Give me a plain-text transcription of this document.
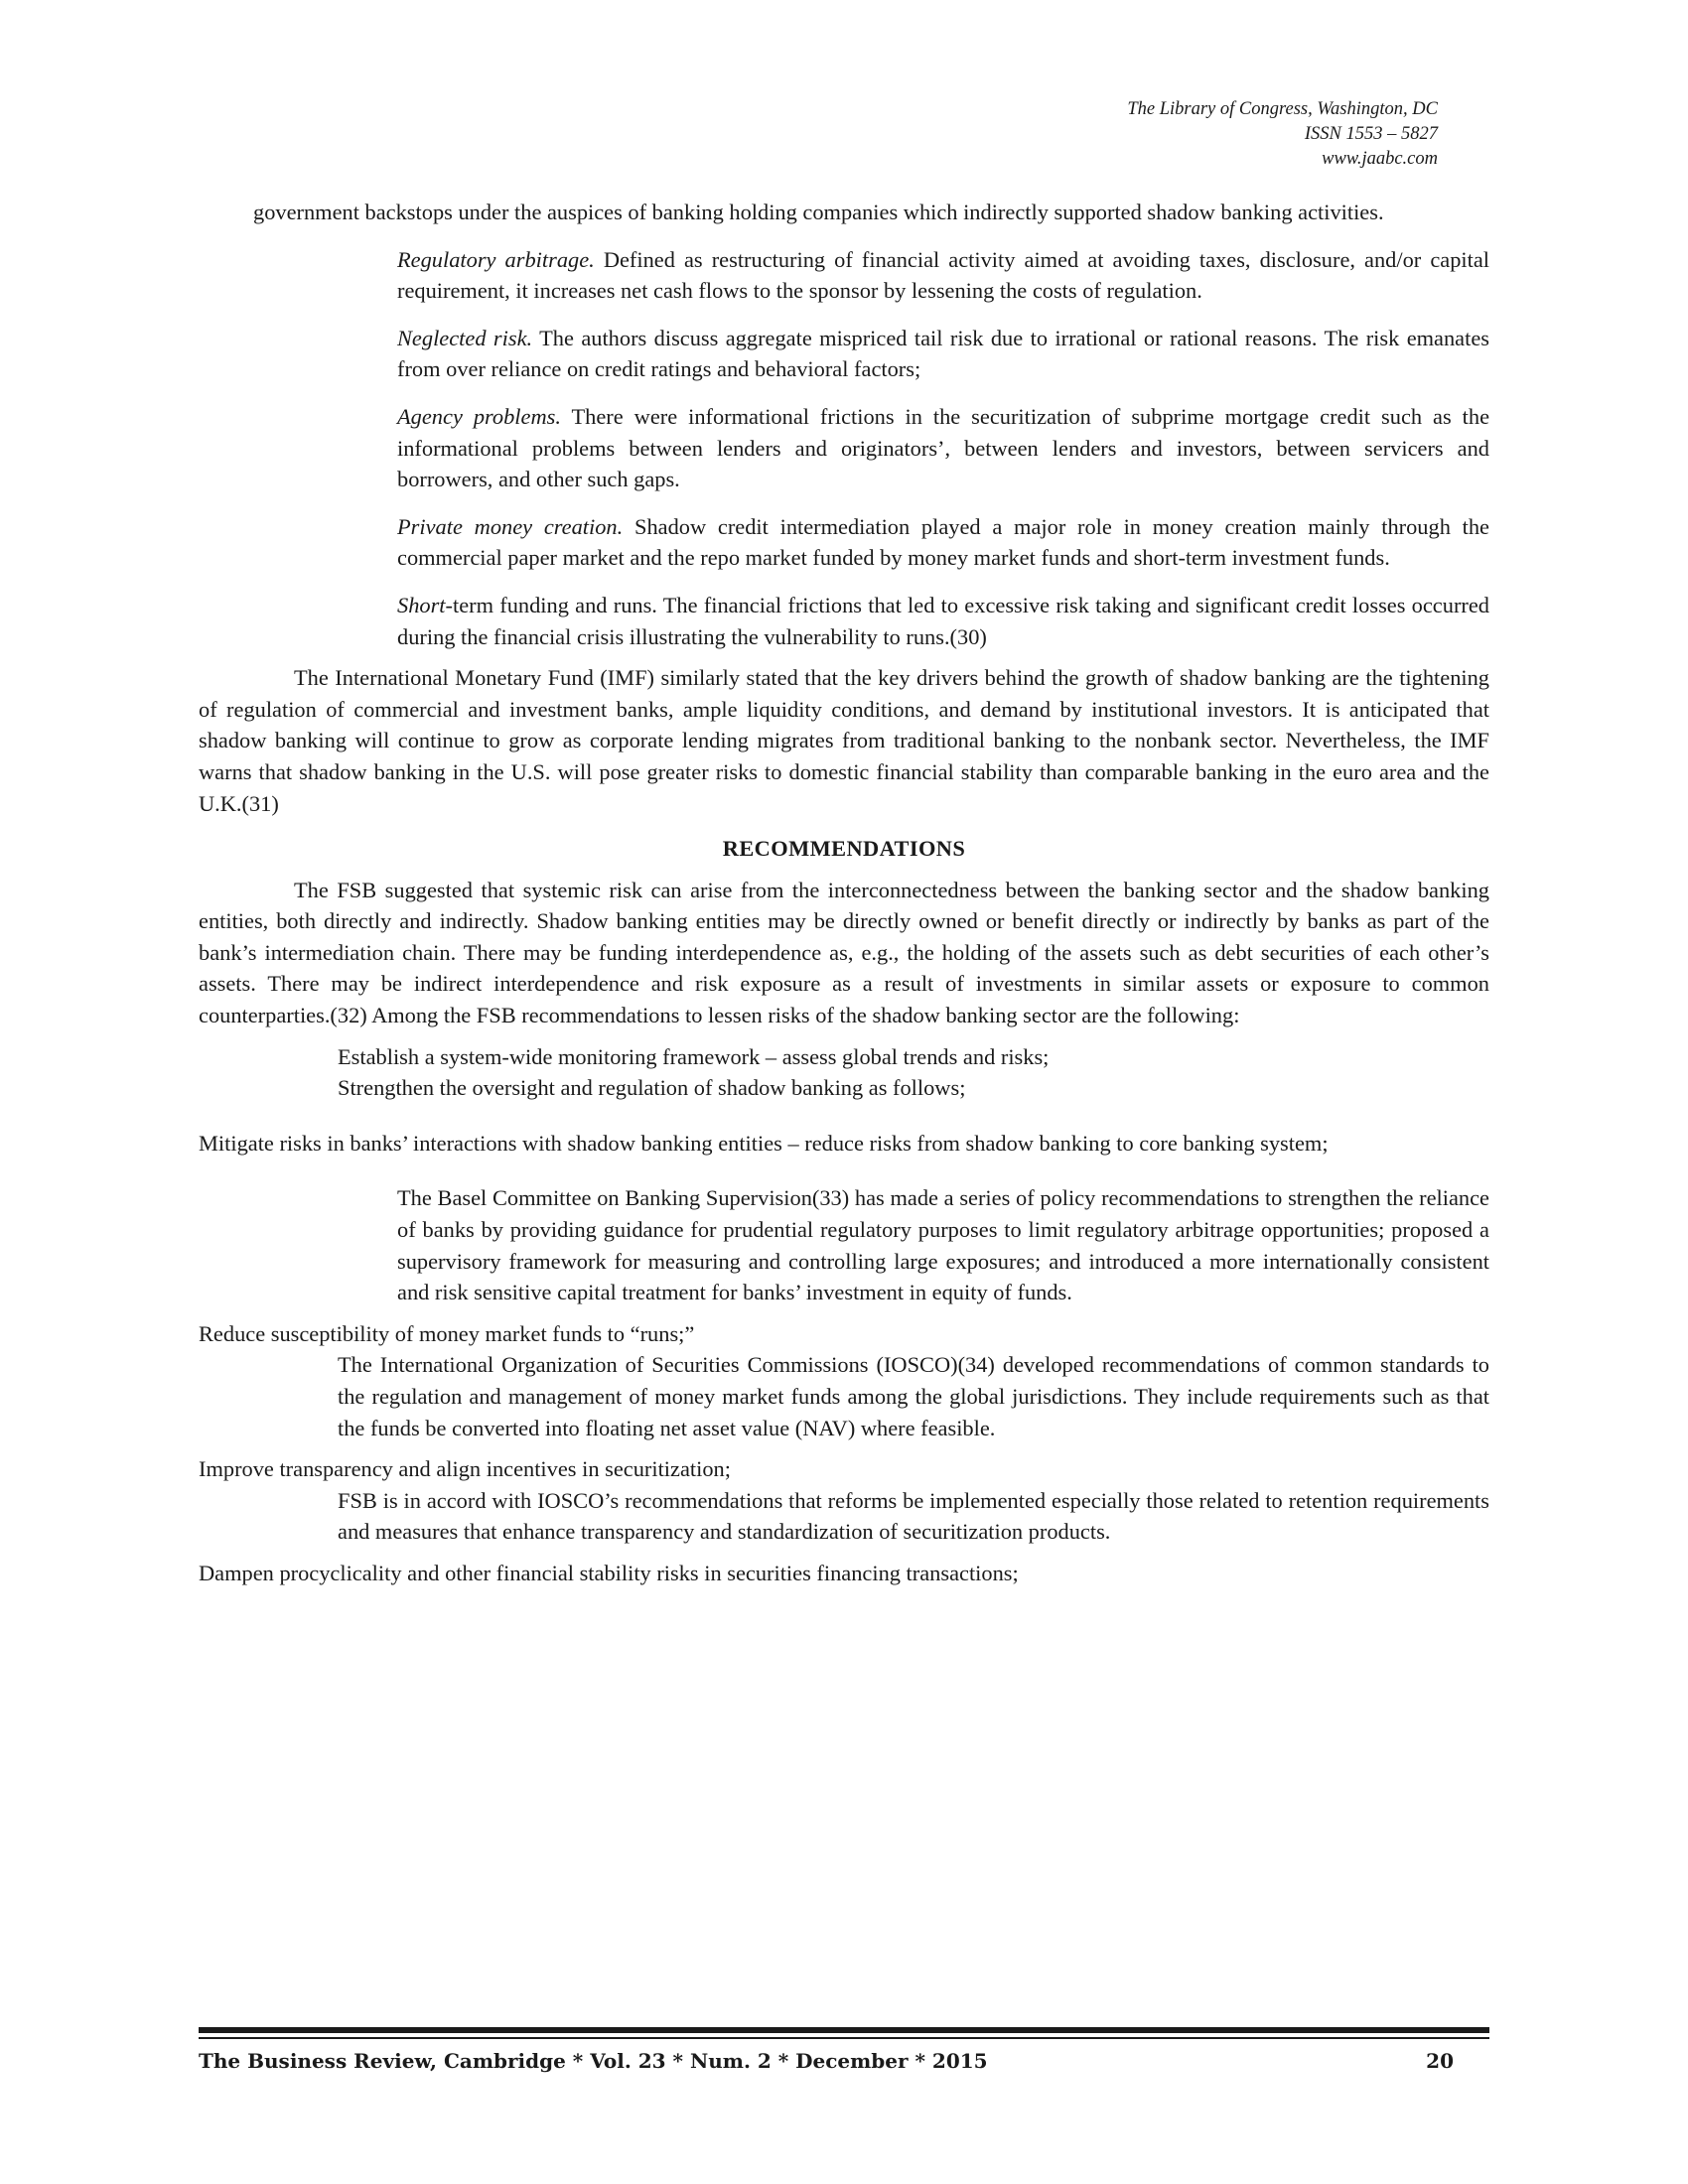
The Library of Congress, Washington, DC
ISSN 1553 – 5827
www.jaabc.com

government backstops under the auspices of banking holding companies which indirectly supported shadow banking activities.

Regulatory arbitrage. Defined as restructuring of financial activity aimed at avoiding taxes, disclosure, and/or capital requirement, it increases net cash flows to the sponsor by lessening the costs of regulation.

Neglected risk. The authors discuss aggregate mispriced tail risk due to irrational or rational reasons. The risk emanates from over reliance on credit ratings and behavioral factors;

Agency problems. There were informational frictions in the securitization of subprime mortgage credit such as the informational problems between lenders and originators’, between lenders and investors, between servicers and borrowers, and other such gaps.

Private money creation. Shadow credit intermediation played a major role in money creation mainly through the commercial paper market and the repo market funded by money market funds and short-term investment funds.

Short-term funding and runs. The financial frictions that led to excessive risk taking and significant credit losses occurred during the financial crisis illustrating the vulnerability to runs.(30)

The International Monetary Fund (IMF) similarly stated that the key drivers behind the growth of shadow banking are the tightening of regulation of commercial and investment banks, ample liquidity conditions, and demand by institutional investors. It is anticipated that shadow banking will continue to grow as corporate lending migrates from traditional banking to the nonbank sector. Nevertheless, the IMF warns that shadow banking in the U.S. will pose greater risks to domestic financial stability than comparable banking in the euro area and the U.K.(31)

RECOMMENDATIONS

The FSB suggested that systemic risk can arise from the interconnectedness between the banking sector and the shadow banking entities, both directly and indirectly. Shadow banking entities may be directly owned or benefit directly or indirectly by banks as part of the bank’s intermediation chain. There may be funding interdependence as, e.g., the holding of the assets such as debt securities of each other’s assets. There may be indirect interdependence and risk exposure as a result of investments in similar assets or exposure to common counterparties.(32) Among the FSB recommendations to lessen risks of the shadow banking sector are the following:

Establish a system-wide monitoring framework – assess global trends and risks;

Strengthen the oversight and regulation of shadow banking as follows;

Mitigate risks in banks’ interactions with shadow banking entities – reduce risks from shadow banking to core banking system;

The Basel Committee on Banking Supervision(33) has made a series of policy recommendations to strengthen the reliance of banks by providing guidance for prudential regulatory purposes to limit regulatory arbitrage opportunities; proposed a supervisory framework for measuring and controlling large exposures; and introduced a more internationally consistent and risk sensitive capital treatment for banks’ investment in equity of funds.

Reduce susceptibility of money market funds to “runs;”

The International Organization of Securities Commissions (IOSCO)(34) developed recommendations of common standards to the regulation and management of money market funds among the global jurisdictions. They include requirements such as that the funds be converted into floating net asset value (NAV) where feasible.

Improve transparency and align incentives in securitization;

FSB is in accord with IOSCO’s recommendations that reforms be implemented especially those related to retention requirements and measures that enhance transparency and standardization of securitization products.

Dampen procyclicality and other financial stability risks in securities financing transactions;

The Business Review, Cambridge * Vol. 23 * Num. 2 * December * 2015	20
